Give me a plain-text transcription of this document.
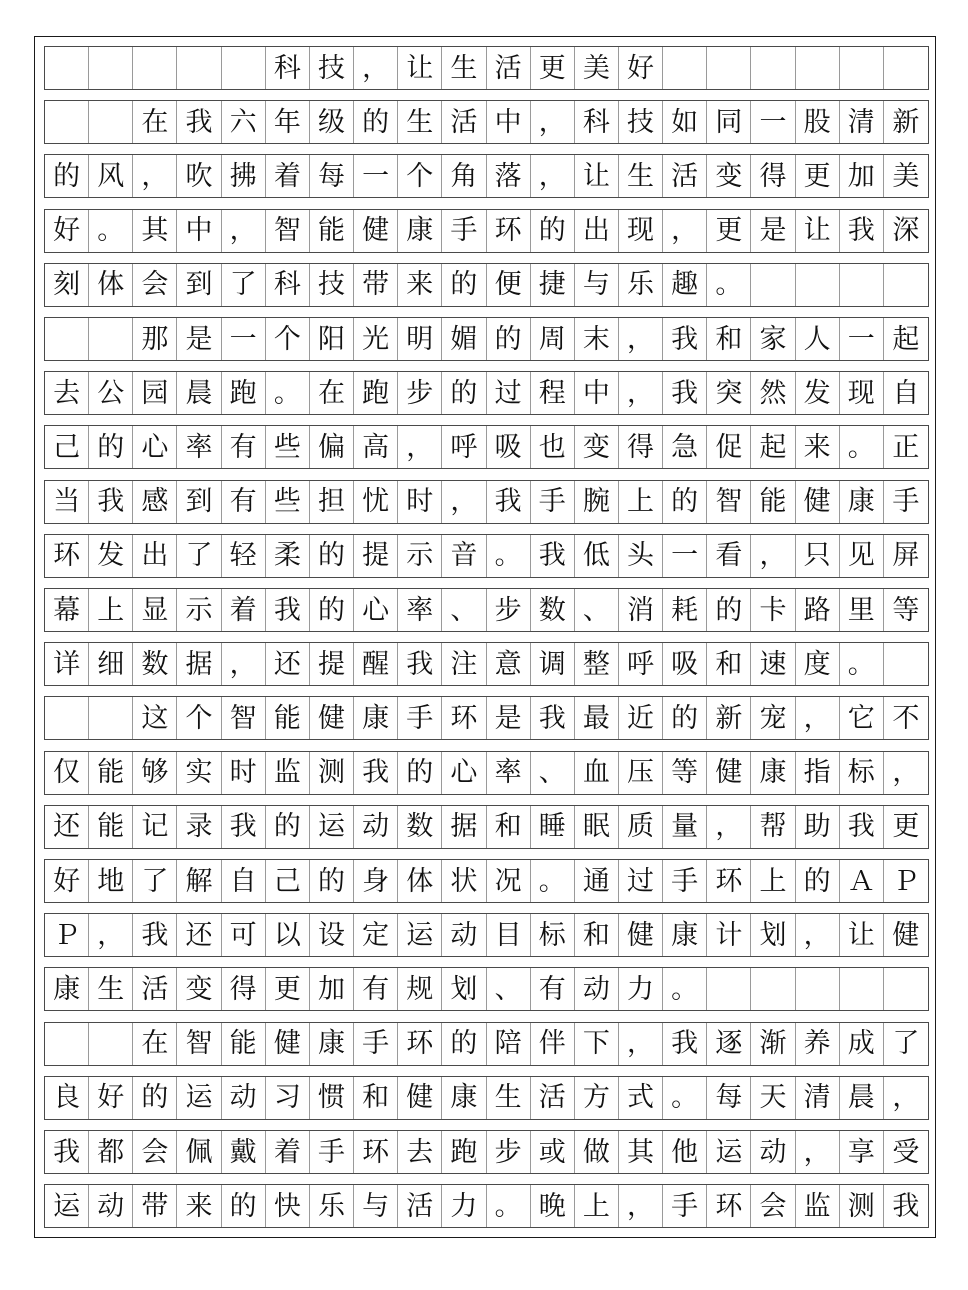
科 技 ， 让 生 活 更 美 好
在 我 六 年 级 的 生 活 中 ， 科 技 如 同 一 股 清 新
的 风 ， 吹 拂 着 每 一 个 角 落 ， 让 生 活 变 得 更 加 美
好 。 其 中 ， 智 能 健 康 手 环 的 出 现 ， 更 是 让 我 深
刻 体 会 到 了 科 技 带 来 的 便 捷 与 乐 趣 。
那 是 一 个 阳 光 明 媚 的 周 末 ， 我 和 家 人 一 起
去 公 园 晨 跑 。 在 跑 步 的 过 程 中 ， 我 突 然 发 现 自
己 的 心 率 有 些 偏 高 ， 呼 吸 也 变 得 急 促 起 来 。 正
当 我 感 到 有 些 担 忧 时 ， 我 手 腕 上 的 智 能 健 康 手
环 发 出 了 轻 柔 的 提 示 音 。 我 低 头 一 看 ， 只 见 屏
幕 上 显 示 着 我 的 心 率 、 步 数 、 消 耗 的 卡 路 里 等
详 细 数 据 ， 还 提 醒 我 注 意 调 整 呼 吸 和 速 度 。
这 个 智 能 健 康 手 环 是 我 最 近 的 新 宠 ， 它 不
仅 能 够 实 时 监 测 我 的 心 率 、 血 压 等 健 康 指 标 ，
还 能 记 录 我 的 运 动 数 据 和 睡 眠 质 量 ， 帮 助 我 更
好 地 了 解 自 己 的 身 体 状 况 。 通 过 手 环 上 的 Ａ Ｐ
Ｐ ， 我 还 可 以 设 定 运 动 目 标 和 健 康 计 划 ， 让 健
康 生 活 变 得 更 加 有 规 划 、 有 动 力 。
在 智 能 健 康 手 环 的 陪 伴 下 ， 我 逐 渐 养 成 了
良 好 的 运 动 习 惯 和 健 康 生 活 方 式 。 每 天 清 晨 ，
我 都 会 佩 戴 着 手 环 去 跑 步 或 做 其 他 运 动 ， 享 受
运 动 带 来 的 快 乐 与 活 力 。 晚 上 ， 手 环 会 监 测 我
